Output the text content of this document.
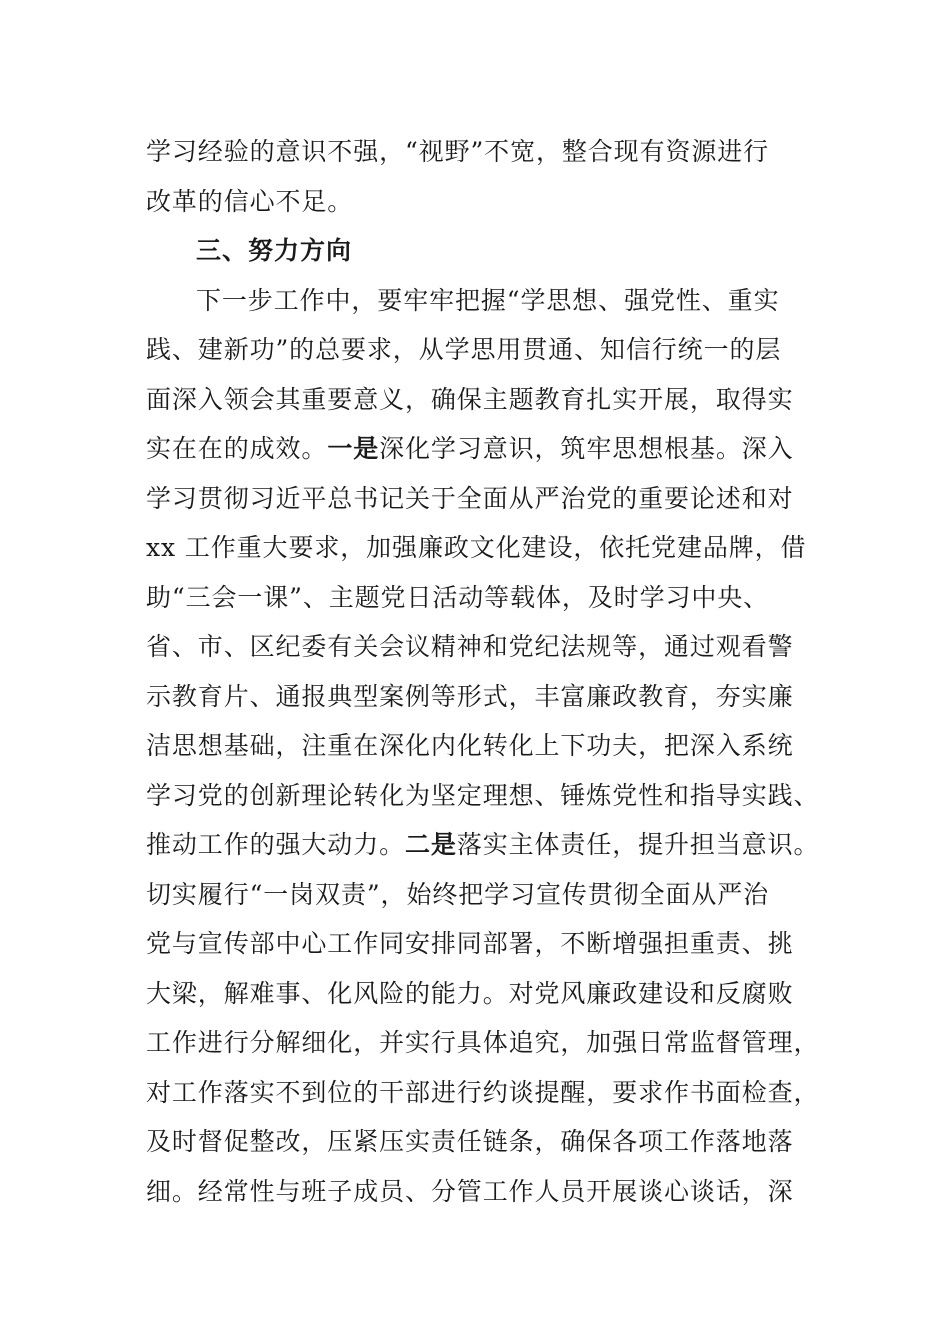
学习经验的意识不强，“视野”不宽，整合现有资源进行
改革的信心不足。
三、努力方向
下一步工作中，要牢牢把握“学思想、强党性、重实
践、建新功”的总要求，从学思用贯通、知信行统一的层
面深入领会其重要意义，确保主题教育扎实开展，取得实
实在在的成效。一是深化学习意识，筑牢思想根基。深入
学习贯彻习近平总书记关于全面从严治党的重要论述和对
xx 工作重大要求，加强廉政文化建设，依托党建品牌，借
助“三会一课”、主题党日活动等载体，及时学习中央、
省、市、区纪委有关会议精神和党纪法规等，通过观看警
示教育片、通报典型案例等形式，丰富廉政教育，夯实廉
洁思想基础，注重在深化内化转化上下功夫，把深入系统
学习党的创新理论转化为坚定理想、锤炼党性和指导实践、
推动工作的强大动力。二是落实主体责任，提升担当意识。
切实履行“一岗双责”，始终把学习宣传贯彻全面从严治
党与宣传部中心工作同安排同部署，不断增强担重责、挑
大梁，解难事、化风险的能力。对党风廉政建设和反腐败
工作进行分解细化，并实行具体追究，加强日常监督管理，
对工作落实不到位的干部进行约谈提醒，要求作书面检查，
及时督促整改，压紧压实责任链条，确保各项工作落地落
细。经常性与班子成员、分管工作人员开展谈心谈话，深
